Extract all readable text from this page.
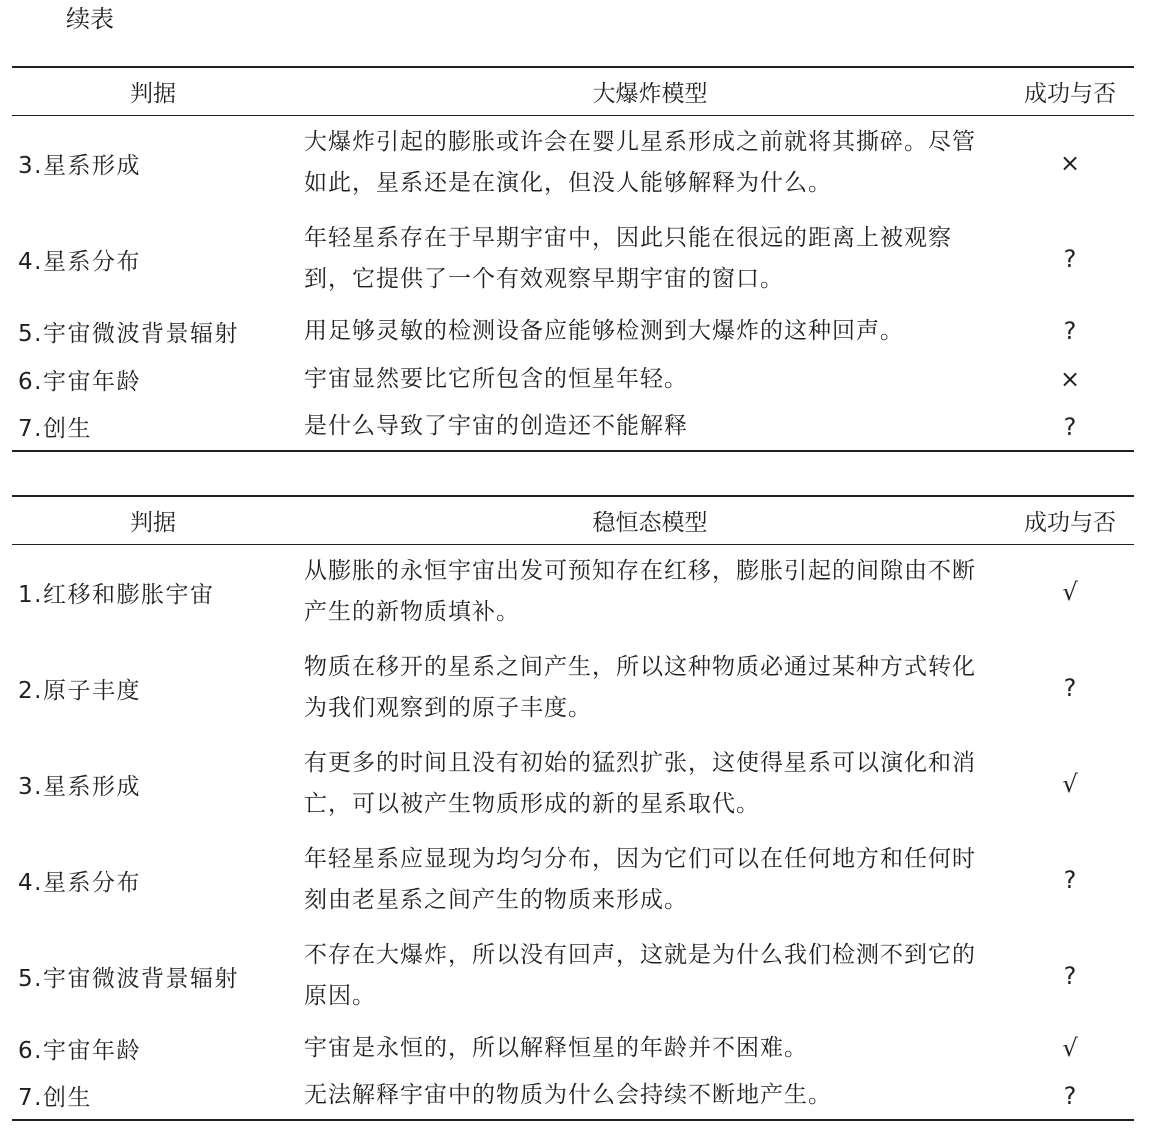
续表
判据	大爆炸模型	成功与否
3.星系形成	大爆炸引起的膨胀或许会在婴儿星系形成之前就将其撕碎。尽管如此，星系还是在演化，但没人能够解释为什么。	×
4.星系分布	年轻星系存在于早期宇宙中，因此只能在很远的距离上被观察到，它提供了一个有效观察早期宇宙的窗口。	?
5.宇宙微波背景辐射	用足够灵敏的检测设备应能够检测到大爆炸的这种回声。	?
6.宇宙年龄	宇宙显然要比它所包含的恒星年轻。	×
7.创生	是什么导致了宇宙的创造还不能解释	?
判据	稳恒态模型	成功与否
1.红移和膨胀宇宙	从膨胀的永恒宇宙出发可预知存在红移，膨胀引起的间隙由不断产生的新物质填补。	√
2.原子丰度	物质在移开的星系之间产生，所以这种物质必通过某种方式转化为我们观察到的原子丰度。	?
3.星系形成	有更多的时间且没有初始的猛烈扩张，这使得星系可以演化和消亡，可以被产生物质形成的新的星系取代。	√
4.星系分布	年轻星系应显现为均匀分布，因为它们可以在任何地方和任何时刻由老星系之间产生的物质来形成。	?
5.宇宙微波背景辐射	不存在大爆炸，所以没有回声，这就是为什么我们检测不到它的原因。	?
6.宇宙年龄	宇宙是永恒的，所以解释恒星的年龄并不困难。	√
7.创生	无法解释宇宙中的物质为什么会持续不断地产生。	?
